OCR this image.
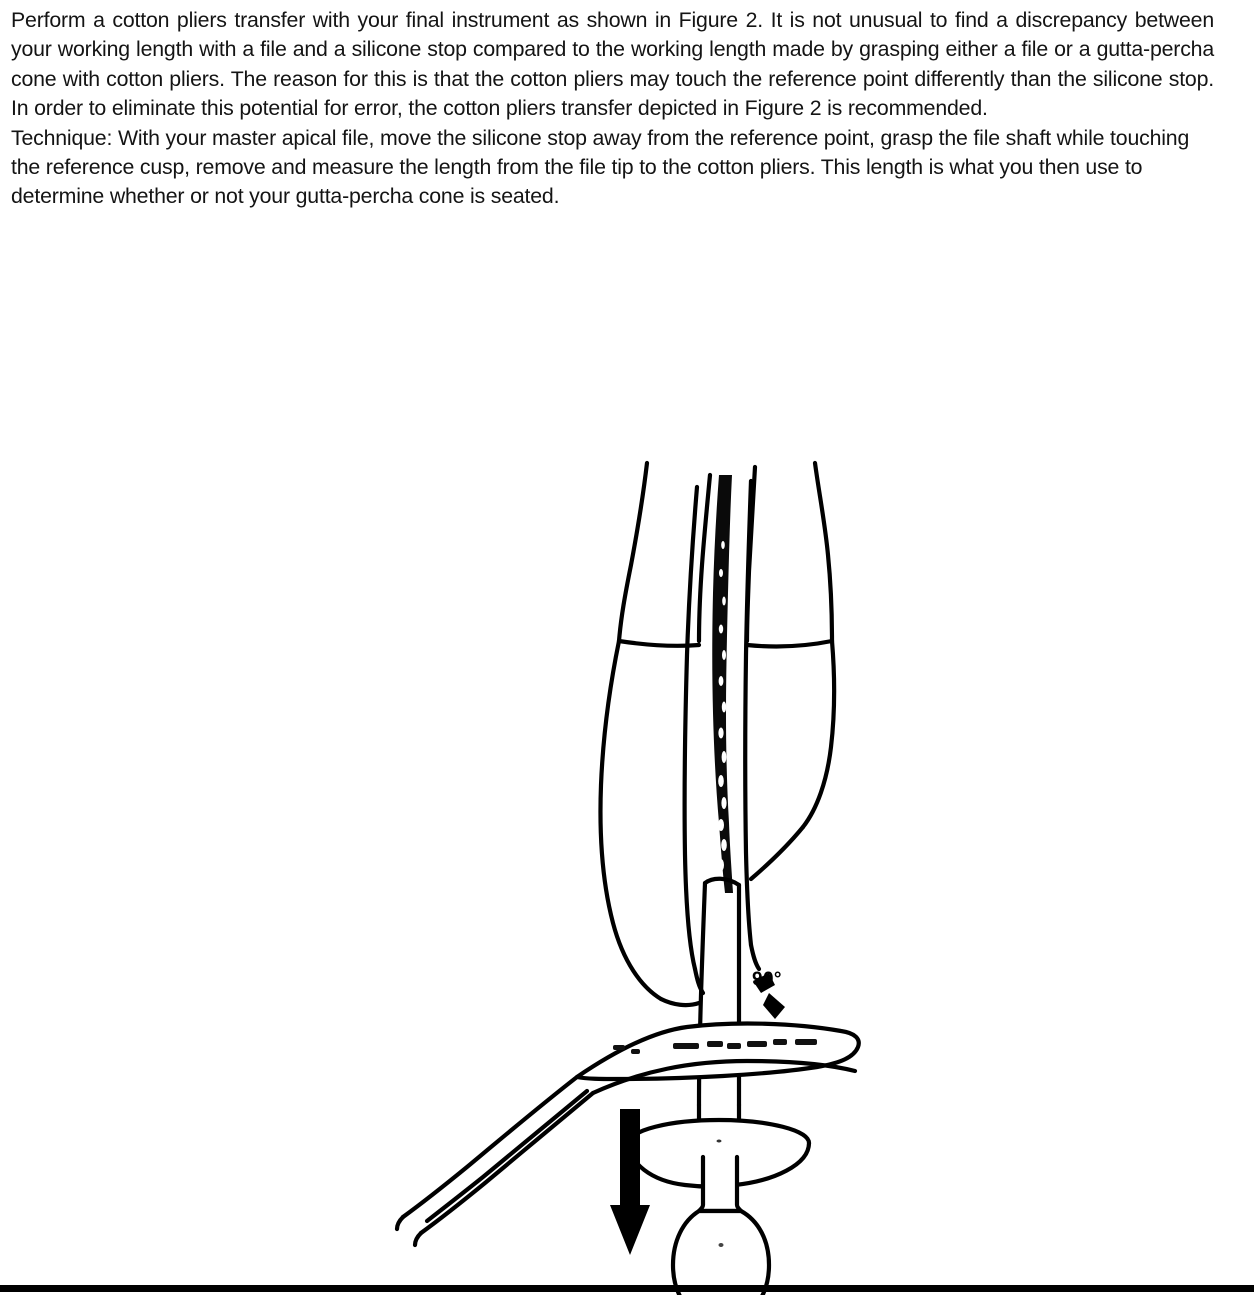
Perform a cotton pliers transfer with your final instrument as shown in Figure 2. It is not unusual to find a discrepancy between your working length with a file and a silicone stop compared to the working length made by grasping either a file or a gutta-percha cone with cotton pliers. The reason for this is that the cotton pliers may touch the reference point differently than the silicone stop. In order to eliminate this potential for error, the cotton pliers transfer depicted in Figure 2 is recommended.

Technique: With your master apical file, move the silicone stop away from the reference point, grasp the file shaft while touching the reference cusp, remove and measure the length from the file tip to the cotton pliers. This length is what you then use to determine whether or not your gutta-percha cone is seated.

90°
